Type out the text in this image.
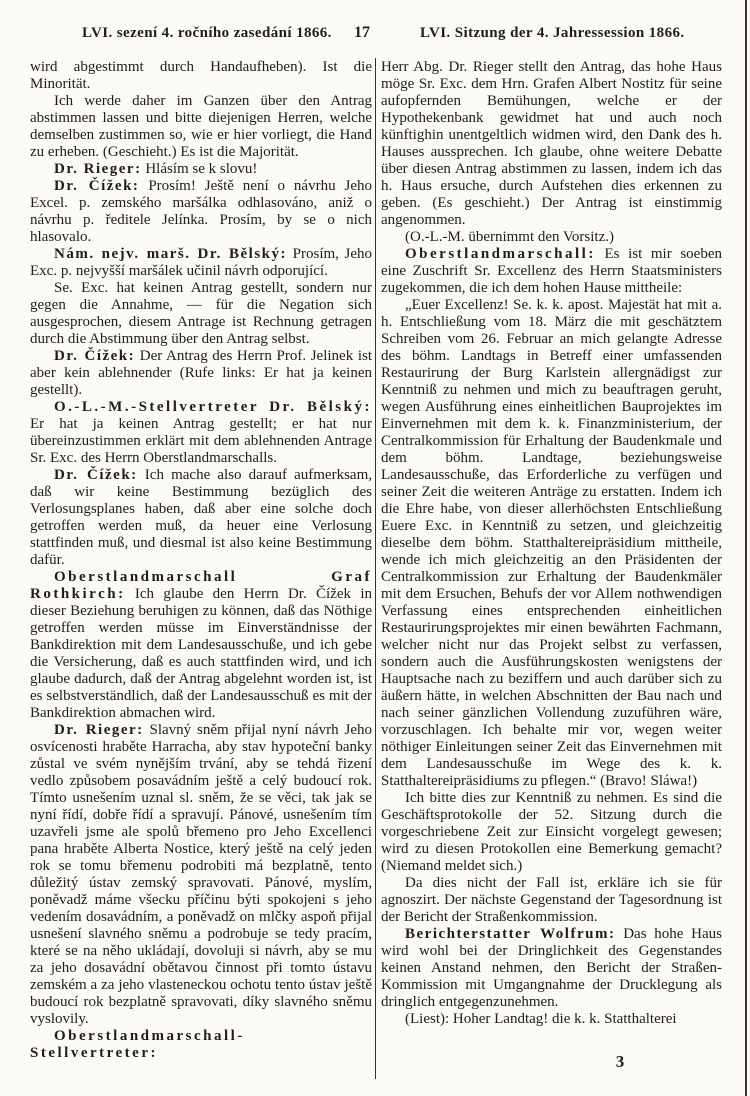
LVI. sezení 4. ročního zasedání 1866.	17	LVI. Sitzung der 4. Jahressession 1866.

wird abgestimmt durch Handaufheben). Ist die Minorität.

Ich werde daher im Ganzen über den Antrag abstimmen lassen und bitte diejenigen Herren, welche demselben zustimmen so, wie er hier vorliegt, die Hand zu erheben. (Geschieht.) Es ist die Majorität.

Dr. Rieger: Hlásím se k slovu!

Dr. Čížek: Prosím! Ještě není o návrhu Jeho Excel. p. zemského maršálka odhlasováno, aniž o návrhu p. ředitele Jelínka. Prosím, by se o nich hlasovalo.

Nám. nejv. marš. Dr. Bělský: Prosím, Jeho Exc. p. nejvyšší maršálek učinil návrh odporující.

Se. Exc. hat keinen Antrag gestellt, sondern nur gegen die Annahme, — für die Negation sich ausgesprochen, diesem Antrage ist Rechnung getragen durch die Abstimmung über den Antrag selbst.

Dr. Čížek: Der Antrag des Herrn Prof. Jelinek ist aber kein ablehnender (Rufe links: Er hat ja keinen gestellt).

O.-L.-M.-Stellvertreter Dr. Bělský: Er hat ja keinen Antrag gestellt; er hat nur übereinzustimmen erklärt mit dem ablehnenden Antrage Sr. Exc. des Herrn Oberstlandmarschalls.

Dr. Čížek: Ich mache also darauf aufmerksam, daß wir keine Bestimmung bezüglich des Verlosungsplanes haben, daß aber eine solche doch getroffen werden muß, da heuer eine Verlosung stattfinden muß, und diesmal ist also keine Bestimmung dafür.

Oberstlandmarschall Graf Rothkirch: Ich glaube den Herrn Dr. Čížek in dieser Beziehung beruhigen zu können, daß das Nöthige getroffen werden müsse im Einverständnisse der Bankdirektion mit dem Landesausschuße, und ich gebe die Versicherung, daß es auch stattfinden wird, und ich glaube dadurch, daß der Antrag abgelehnt worden ist, ist es selbstverständlich, daß der Landesausschuß es mit der Bankdirektion abmachen wird.

Dr. Rieger: Slavný sněm přijal nyní návrh Jeho osvícenosti hraběte Harracha, aby stav hypoteční banky zůstal ve svém nynějším trvání, aby se tehdá řizení vedlo způsobem posavádním ještě a celý budoucí rok. Tímto usnešením uznal sl. sněm, že se věci, tak jak se nyní řídí, dobře řídí a spravují. Pánové, usnešením tím uzavřeli jsme ale spolů břemeno pro Jeho Excellenci pana hraběte Alberta Nostice, který ještě na celý jeden rok se tomu břemenu podrobiti má bezplatně, tento důležitý ústav zemský spravovati. Pánové, myslím, poněvadž máme všecku příčinu býti spokojeni s jeho vedením dosavádním, a poněvadž on mlčky aspoň přijal usnešení slavného sněmu a podrobuje se tedy pracím, které se na něho ukládají, dovoluji si návrh, aby se mu za jeho dosavádní obětavou činnost při tomto ústavu zemském a za jeho vlasteneckou ochotu tento ústav ještě budoucí rok bezplatně spravovati, díky slavného sněmu vyslovily.

Oberstlandmarschall-Stellvertreter:

Herr Abg. Dr. Rieger stellt den Antrag, das hohe Haus möge Sr. Exc. dem Hrn. Grafen Albert Nostitz für seine aufopfernden Bemühungen, welche er der Hypothekenbank gewidmet hat und auch noch künftighin unentgeltlich widmen wird, den Dank des h. Hauses aussprechen. Ich glaube, ohne weitere Debatte über diesen Antrag abstimmen zu lassen, indem ich das h. Haus ersuche, durch Aufstehen dies erkennen zu geben. (Es geschieht.) Der Antrag ist einstimmig angenommen.

(O.-L.-M. übernimmt den Vorsitz.)

Oberstlandmarschall: Es ist mir soeben eine Zuschrift Sr. Excellenz des Herrn Staatsministers zugekommen, die ich dem hohen Hause mittheile:

„Euer Excellenz! Se. k. k. apost. Majestät hat mit a. h. Entschließung vom 18. März die mit geschätztem Schreiben vom 26. Februar an mich gelangte Adresse des böhm. Landtags in Betreff einer umfassenden Restaurirung der Burg Karlstein allergnädigst zur Kenntniß zu nehmen und mich zu beauftragen geruht, wegen Ausführung eines einheitlichen Bauprojektes im Einvernehmen mit dem k. k. Finanzministerium, der Centralkommission für Erhaltung der Baudenkmale und dem böhm. Landtage, beziehungsweise Landesausschuße, das Erforderliche zu verfügen und seiner Zeit die weiteren Anträge zu erstatten. Indem ich die Ehre habe, von dieser allerhöchsten Entschließung Euere Exc. in Kenntniß zu setzen, und gleichzeitig dieselbe dem böhm. Statthaltereipräsidium mittheile, wende ich mich gleichzeitig an den Präsidenten der Centralkommission zur Erhaltung der Baudenkmäler mit dem Ersuchen, Behufs der vor Allem nothwendigen Verfassung eines entsprechenden einheitlichen Restaurirungsprojektes mir einen bewährten Fachmann, welcher nicht nur das Projekt selbst zu verfassen, sondern auch die Ausführungskosten wenigstens der Hauptsache nach zu beziffern und auch darüber sich zu äußern hätte, in welchen Abschnitten der Bau nach und nach seiner gänzlichen Vollendung zuzuführen wäre, vorzuschlagen. Ich behalte mir vor, wegen weiter nöthiger Einleitungen seiner Zeit das Einvernehmen mit dem Landesausschuße im Wege des k. k. Statthaltereipräsidiums zu pflegen.“ (Bravo! Sláwa!)

Ich bitte dies zur Kenntniß zu nehmen. Es sind die Geschäftsprotokolle der 52. Sitzung durch die vorgeschriebene Zeit zur Einsicht vorgelegt gewesen; wird zu diesen Protokollen eine Bemerkung gemacht? (Niemand meldet sich.)

Da dies nicht der Fall ist, erkläre ich sie für agnoszirt. Der nächste Gegenstand der Tagesordnung ist der Bericht der Straßenkommission.

Berichterstatter Wolfrum: Das hohe Haus wird wohl bei der Dringlichkeit des Gegenstandes keinen Anstand nehmen, den Bericht der Straßen-Kommission mit Umgangnahme der Drucklegung als dringlich entgegenzunehmen.

(Liest): Hoher Landtag! die k. k. Statthalterei

3
